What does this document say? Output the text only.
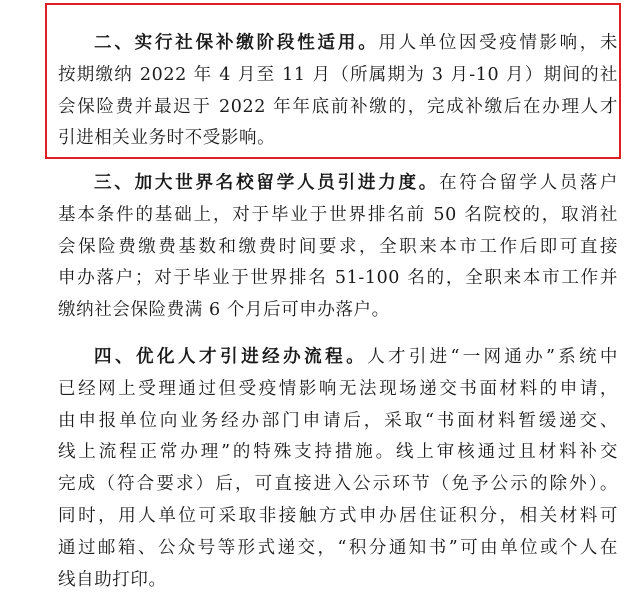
二、实行社保补缴阶段性适用。用人单位因受疫情影响，未
按期缴纳 2022 年 4 月至 11 月（所属期为 3 月-10 月）期间的社
会保险费并最迟于 2022 年年底前补缴的，完成补缴后在办理人才
引进相关业务时不受影响。
三、加大世界名校留学人员引进力度。在符合留学人员落户
基本条件的基础上，对于毕业于世界排名前 50 名院校的，取消社
会保险费缴费基数和缴费时间要求，全职来本市工作后即可直接
申办落户；对于毕业于世界排名 51-100 名的，全职来本市工作并
缴纳社会保险费满 6 个月后可申办落户。
四、优化人才引进经办流程。人才引进“一网通办”系统中
已经网上受理通过但受疫情影响无法现场递交书面材料的申请，
由申报单位向业务经办部门申请后，采取“书面材料暂缓递交、
线上流程正常办理”的特殊支持措施。线上审核通过且材料补交
完成（符合要求）后，可直接进入公示环节（免予公示的除外）。
同时，用人单位可采取非接触方式申办居住证积分，相关材料可
通过邮箱、公众号等形式递交，“积分通知书”可由单位或个人在
线自助打印。
